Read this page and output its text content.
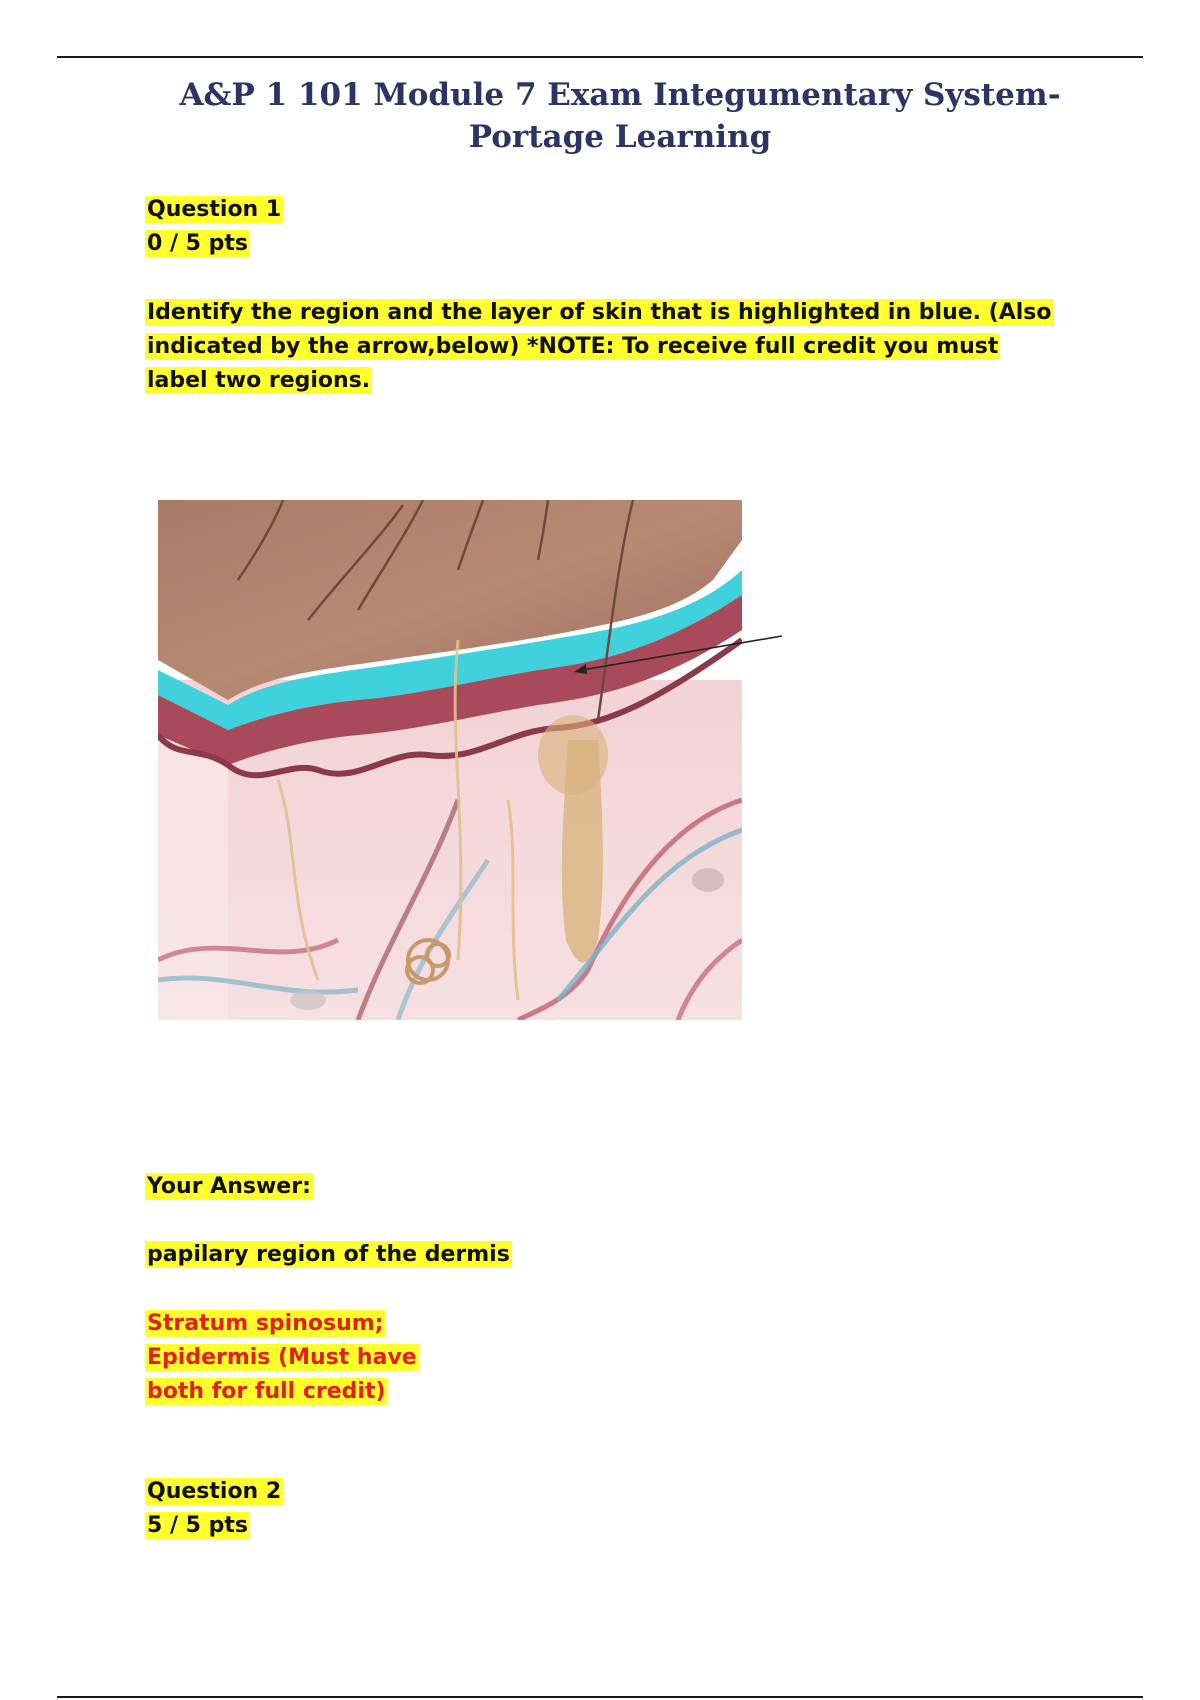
A&P 1 101 Module 7 Exam Integumentary System-
Portage Learning
Question 1
0 / 5 pts
Identify the region and the layer of skin that is highlighted in blue. (Also
indicated by the arrow,below) *NOTE: To receive full credit you must
label two regions.
Your Answer:
papilary region of the dermis
Stratum spinosum;
Epidermis (Must have
both for full credit)
Question 2
5 / 5 pts
